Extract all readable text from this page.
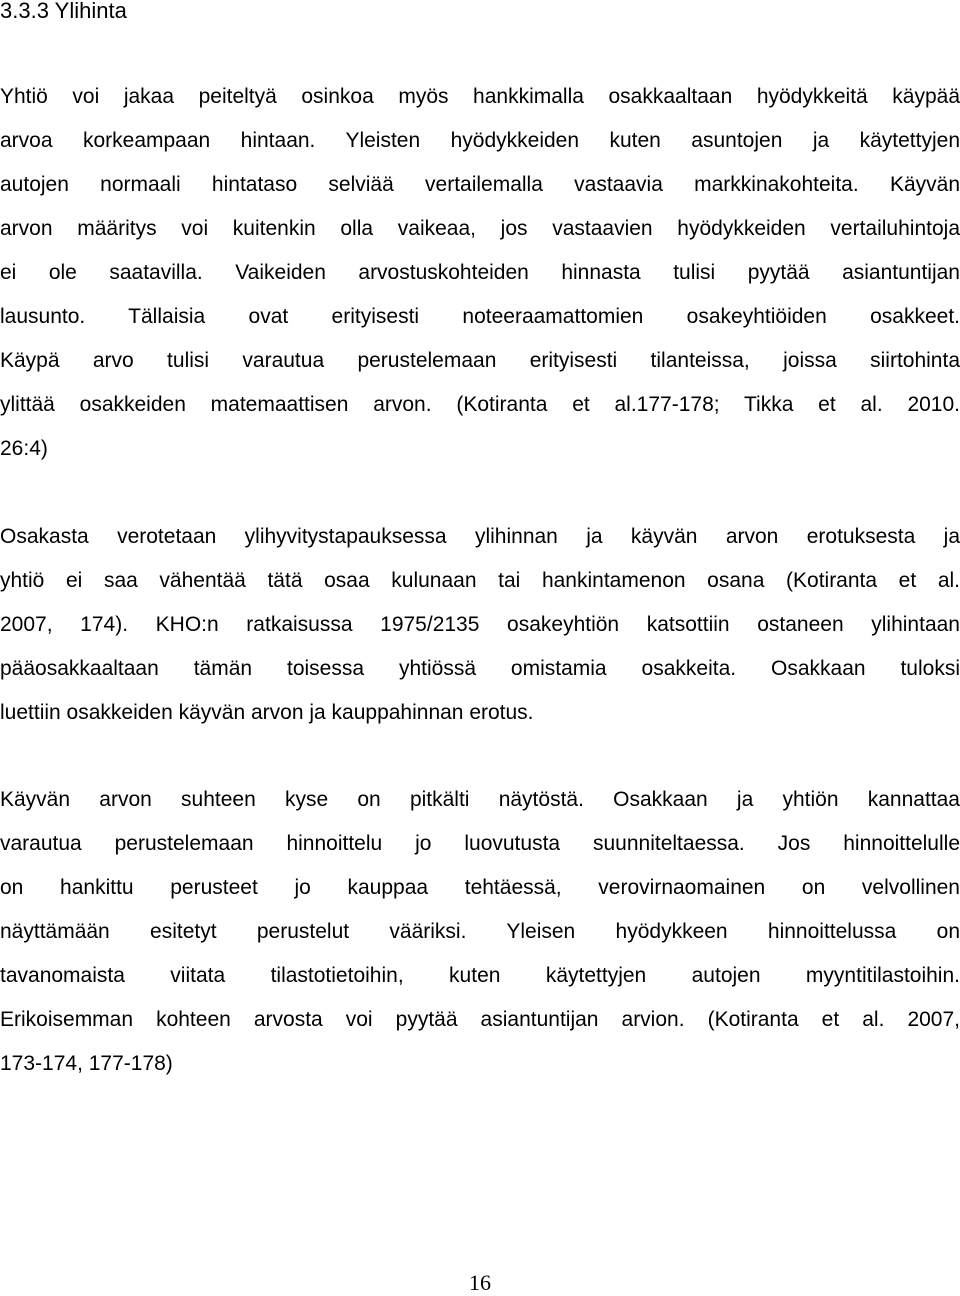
3.3.3 Ylihinta
Yhtiö voi jakaa peiteltyä osinkoa myös hankkimalla osakkaaltaan hyödykkeitä käypää
arvoa korkeampaan hintaan. Yleisten hyödykkeiden kuten asuntojen ja käytettyjen
autojen normaali hintataso selviää vertailemalla vastaavia markkinakohteita. Käyvän
arvon määritys voi kuitenkin olla vaikeaa, jos vastaavien hyödykkeiden vertailuhintoja
ei ole saatavilla. Vaikeiden arvostuskohteiden hinnasta tulisi pyytää asiantuntijan
lausunto. Tällaisia ovat erityisesti noteeraamattomien osakeyhtiöiden osakkeet.
Käypä arvo tulisi varautua perustelemaan erityisesti tilanteissa, joissa siirtohinta
ylittää osakkeiden matemaattisen arvon. (Kotiranta et al.177-178; Tikka et al. 2010.
26:4)
Osakasta verotetaan ylihyvitystapauksessa ylihinnan ja käyvän arvon erotuksesta ja
yhtiö ei saa vähentää tätä osaa kulunaan tai hankintamenon osana (Kotiranta et al.
2007, 174). KHO:n ratkaisussa 1975/2135 osakeyhtiön katsottiin ostaneen ylihintaan
pääosakkaaltaan tämän toisessa yhtiössä omistamia osakkeita. Osakkaan tuloksi
luettiin osakkeiden käyvän arvon ja kauppahinnan erotus.
Käyvän arvon suhteen kyse on pitkälti näytöstä. Osakkaan ja yhtiön kannattaa
varautua perustelemaan hinnoittelu jo luovutusta suunniteltaessa. Jos hinnoittelulle
on hankittu perusteet jo kauppaa tehtäessä, verovirnaomainen on velvollinen
näyttämään esitetyt perustelut vääriksi. Yleisen hyödykkeen hinnoittelussa on
tavanomaista viitata tilastotietoihin, kuten käytettyjen autojen myyntitilastoihin.
Erikoisemman kohteen arvosta voi pyytää asiantuntijan arvion. (Kotiranta et al. 2007,
173-174, 177-178)
16
